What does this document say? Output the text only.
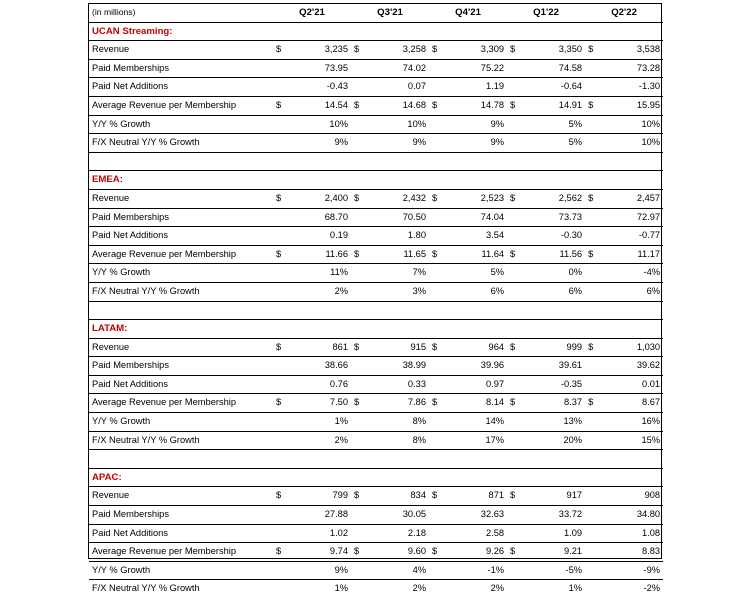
(in millions)	Q2'21		Q3'21		Q4'21		Q1'22		Q2'22	
UCAN Streaming:										
Revenue	$	3,235	$	3,258	$	3,309	$	3,350	$	3,538
Paid Memberships		73.95		74.02		75.22		74.58		73.28
Paid Net Additions		-0.43		0.07		1.19		-0.64		-1.30
Average Revenue per Membership	$	14.54	$	14.68	$	14.78	$	14.91	$	15.95
Y/Y % Growth		10%		10%		9%		5%		10%
F/X Neutral Y/Y % Growth		9%		9%		9%		5%		10%

EMEA:										
Revenue	$	2,400	$	2,432	$	2,523	$	2,562	$	2,457
Paid Memberships		68.70		70.50		74.04		73.73		72.97
Paid Net Additions		0.19		1.80		3.54		-0.30		-0.77
Average Revenue per Membership	$	11.66	$	11.65	$	11.64	$	11.56	$	11.17
Y/Y % Growth		11%		7%		5%		0%		-4%
F/X Neutral Y/Y % Growth		2%		3%		6%		6%		6%

LATAM:										
Revenue	$	861	$	915	$	964	$	999	$	1,030
Paid Memberships		38.66		38.99		39.96		39.61		39.62
Paid Net Additions		0.76		0.33		0.97		-0.35		0.01
Average Revenue per Membership	$	7.50	$	7.86	$	8.14	$	8.37	$	8.67
Y/Y % Growth		1%		8%		14%		13%		16%
F/X Neutral Y/Y % Growth		2%		8%		17%		20%		15%

APAC:										
Revenue	$	799	$	834	$	871	$	917		908
Paid Memberships		27.88		30.05		32.63		33.72		34.80
Paid Net Additions		1.02		2.18		2.58		1.09		1.08
Average Revenue per Membership	$	9.74	$	9.60	$	9.26	$	9.21		8.83
Y/Y % Growth		9%		4%		-1%		-5%		-9%
F/X Neutral Y/Y % Growth		1%		2%		2%		1%		-2%
